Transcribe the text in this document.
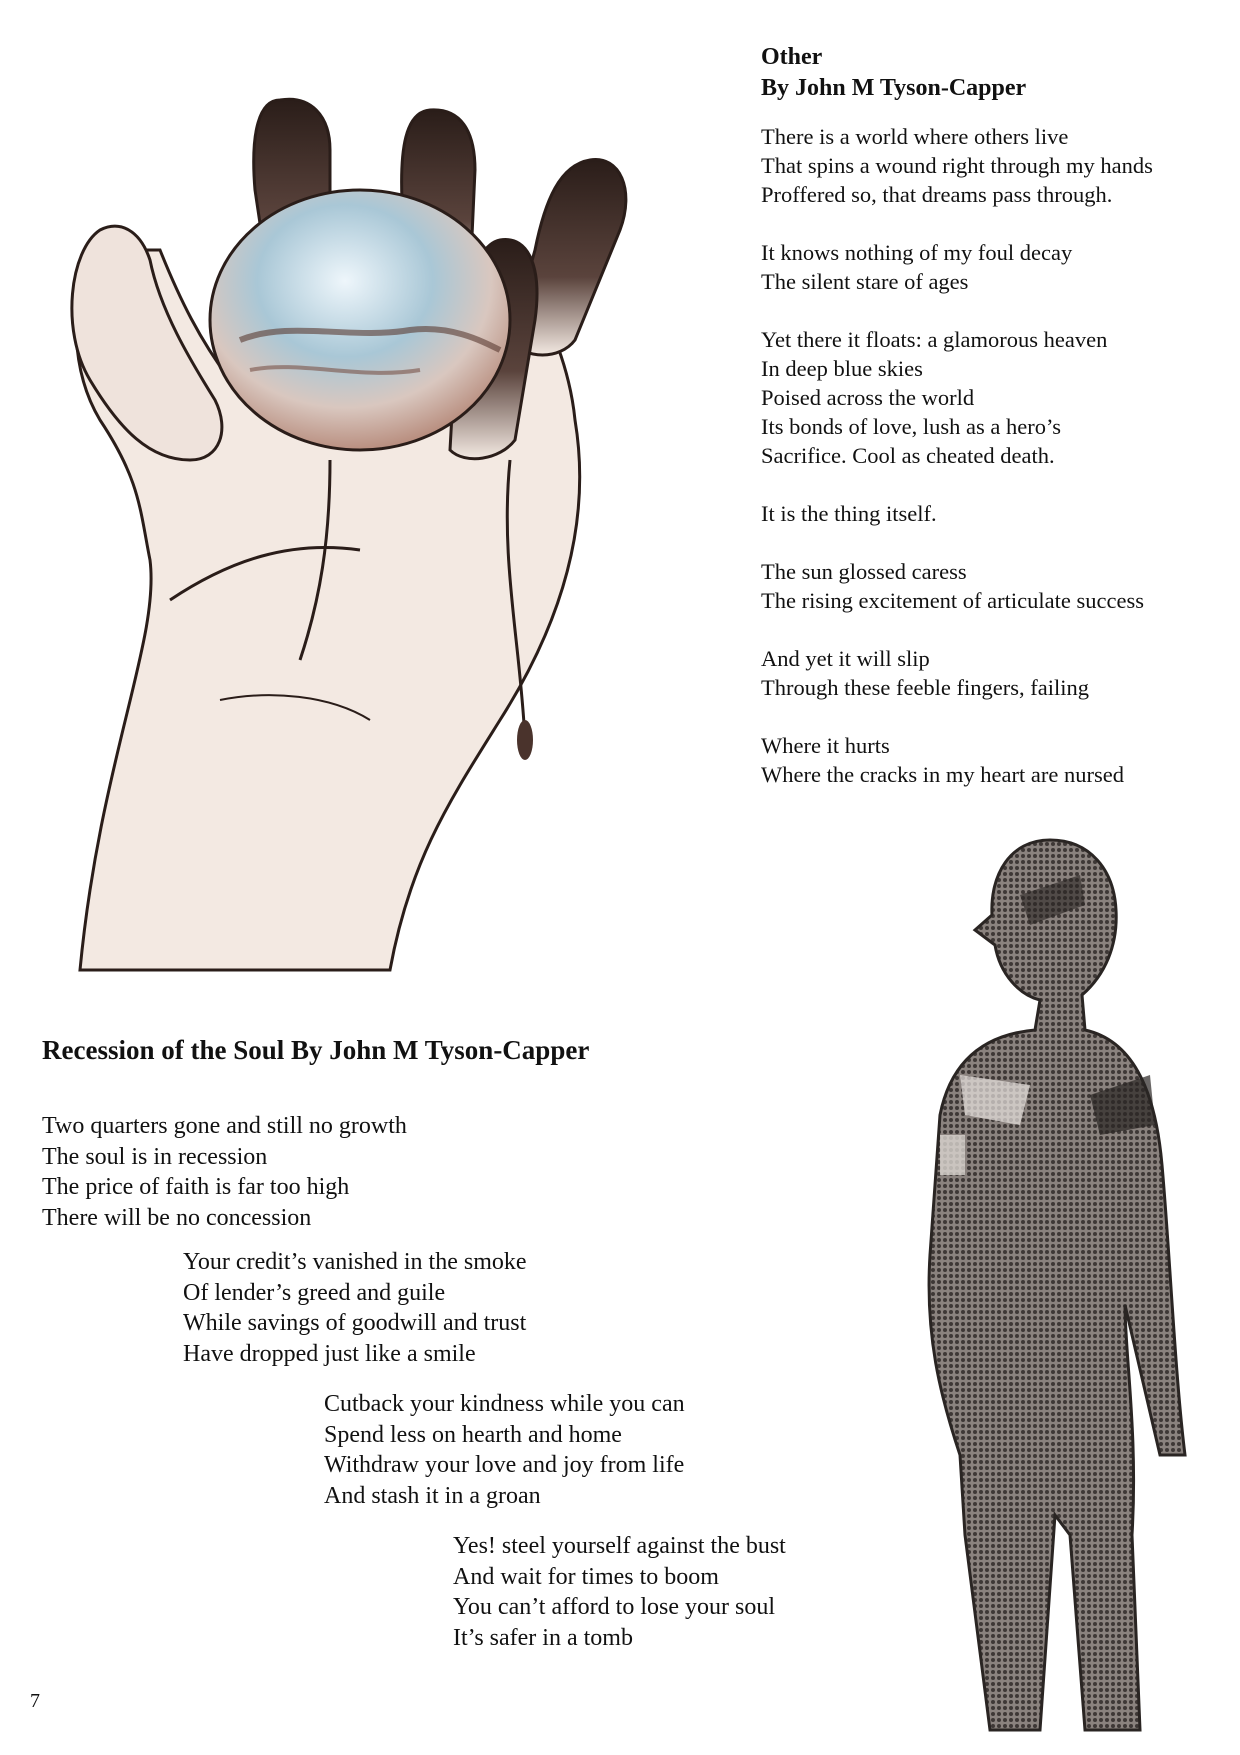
Other

By John M Tyson-Capper

There is a world where others live

That spins a wound right through my hands

Proffered so, that dreams pass through.

It knows nothing of my foul decay

The silent stare of ages

Yet there it floats: a glamorous heaven

In deep blue skies

Poised across the world

Its bonds of love, lush as a hero’s

Sacrifice. Cool as cheated death.

It is the thing itself.

The sun glossed caress

The rising excitement of articulate success

And yet it will slip

Through these feeble fingers, failing

Where it hurts

Where the cracks in my heart are nursed

Recession of the Soul By John M Tyson-Capper

Two quarters gone and still no growth

The soul is in recession

The price of faith is far too high

There will be no concession

Your credit’s vanished in the smoke

Of lender’s greed and guile

While savings of goodwill and trust

Have dropped just like a smile

Cutback your kindness while you can

Spend less on hearth and home

Withdraw your love and joy from life

And stash it in a groan

Yes! steel yourself against the bust

And wait for times to boom

You can’t afford to lose your soul

It’s safer in a tomb

7
